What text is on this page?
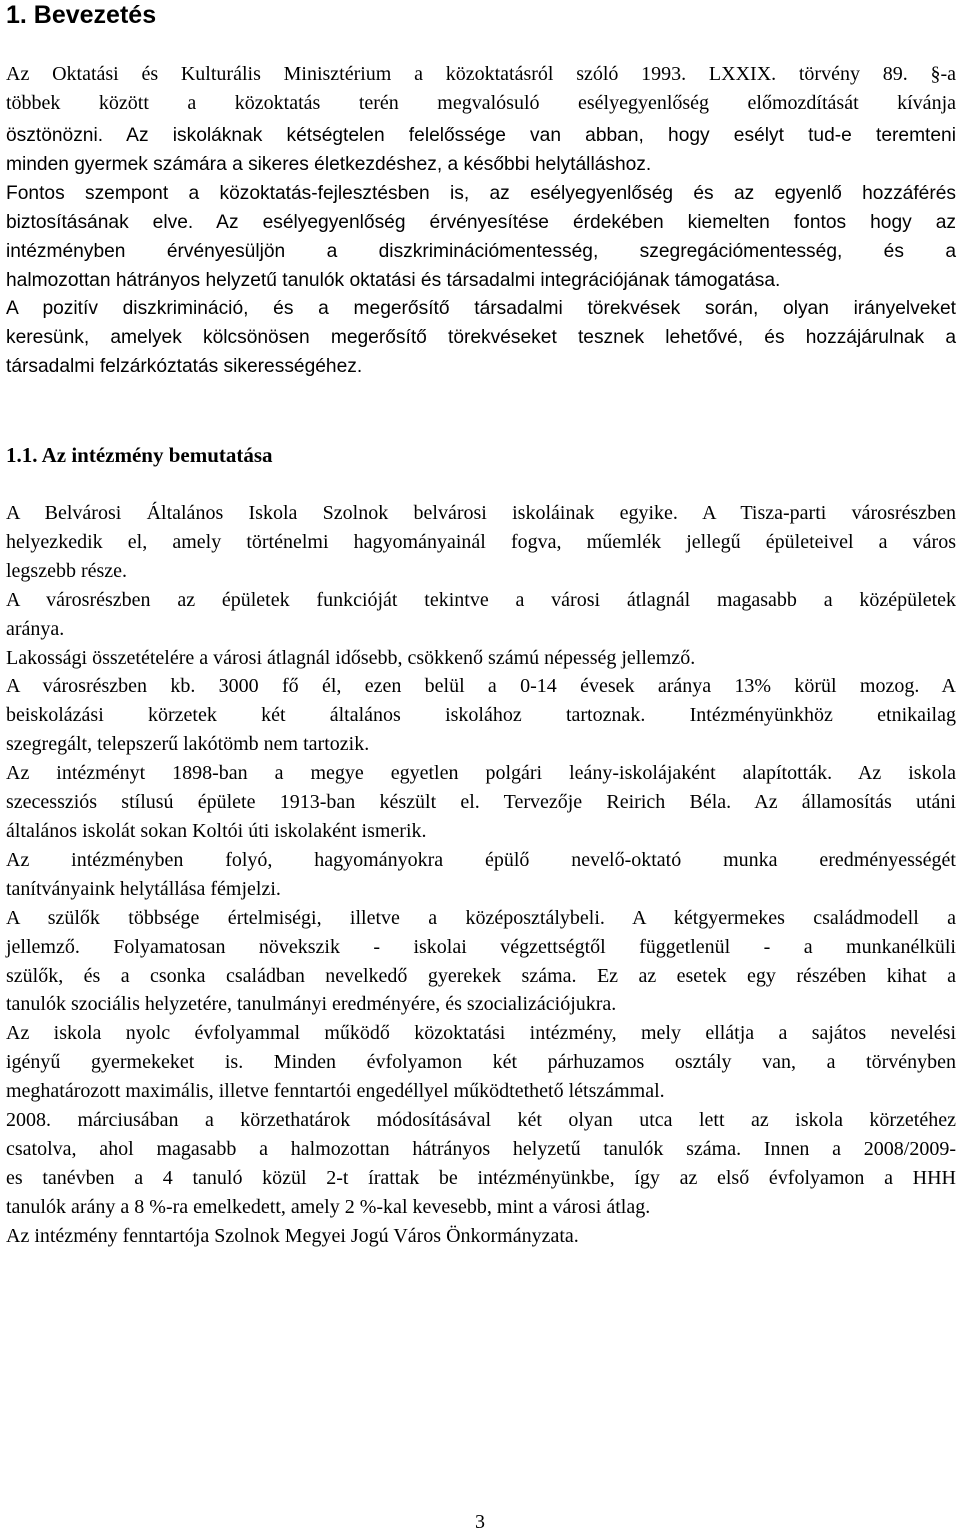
1. Bevezetés

Az Oktatási és Kulturális Minisztérium a közoktatásról szóló 1993. LXXIX. törvény 89. §-a

többek között a közoktatás terén megvalósuló esélyegyenlőség előmozdítását kívánja

ösztönözni. Az iskoláknak kétségtelen felelőssége van abban, hogy esélyt tud-e teremteni

minden gyermek számára a sikeres életkezdéshez, a későbbi helytálláshoz.

Fontos szempont a közoktatás-fejlesztésben is, az esélyegyenlőség és az egyenlő hozzáférés

biztosításának elve. Az esélyegyenlőség érvényesítése érdekében kiemelten fontos hogy az

intézményben érvényesüljön a diszkriminációmentesség, szegregációmentesség, és a

halmozottan hátrányos helyzetű tanulók oktatási és társadalmi integrációjának támogatása.

A pozitív diszkrimináció, és a megerősítő társadalmi törekvések során, olyan irányelveket

keresünk, amelyek kölcsönösen megerősítő törekvéseket tesznek lehetővé, és hozzájárulnak a

társadalmi felzárkóztatás sikerességéhez.

1.1. Az intézmény bemutatása

A Belvárosi Általános Iskola Szolnok belvárosi iskoláinak egyike. A Tisza-parti városrészben

helyezkedik el, amely történelmi hagyományainál fogva, műemlék jellegű épületeivel a város

legszebb része.

A városrészben az épületek funkcióját tekintve a városi átlagnál magasabb a középületek

aránya.

Lakossági összetételére a városi átlagnál idősebb, csökkenő számú népesség jellemző.

A városrészben kb. 3000 fő él, ezen belül a 0-14 évesek aránya 13% körül mozog. A

beiskolázási körzetek két általános iskolához tartoznak. Intézményünkhöz etnikailag

szegregált, telepszerű lakótömb nem tartozik.

Az intézményt 1898-ban a megye egyetlen polgári leány-iskolájaként alapították. Az iskola

szecessziós stílusú épülete 1913-ban készült el. Tervezője Reirich Béla. Az államosítás utáni

általános iskolát sokan Koltói úti iskolaként ismerik.

Az intézményben folyó, hagyományokra épülő nevelő-oktató munka eredményességét

tanítványaink helytállása fémjelzi.

A szülők többsége értelmiségi, illetve a középosztálybeli. A kétgyermekes családmodell a

jellemző. Folyamatosan növekszik - iskolai végzettségtől függetlenül - a munkanélküli

szülők, és a csonka családban nevelkedő gyerekek száma. Ez az esetek egy részében kihat a

tanulók szociális helyzetére, tanulmányi eredményére, és szocializációjukra.

Az iskola nyolc évfolyammal működő közoktatási intézmény, mely ellátja a sajátos nevelési

igényű gyermekeket is. Minden évfolyamon két párhuzamos osztály van, a törvényben

meghatározott maximális, illetve fenntartói engedéllyel működtethető létszámmal.

2008. márciusában a körzethatárok módosításával két olyan utca lett az iskola körzetéhez

csatolva, ahol magasabb a halmozottan hátrányos helyzetű tanulók száma. Innen a 2008/2009-

es tanévben a 4 tanuló közül 2-t írattak be intézményünkbe, így az első évfolyamon a HHH

tanulók arány a 8 %-ra emelkedett, amely 2 %-kal kevesebb, mint a városi átlag.

Az intézmény fenntartója Szolnok Megyei Jogú Város Önkormányzata.

3
